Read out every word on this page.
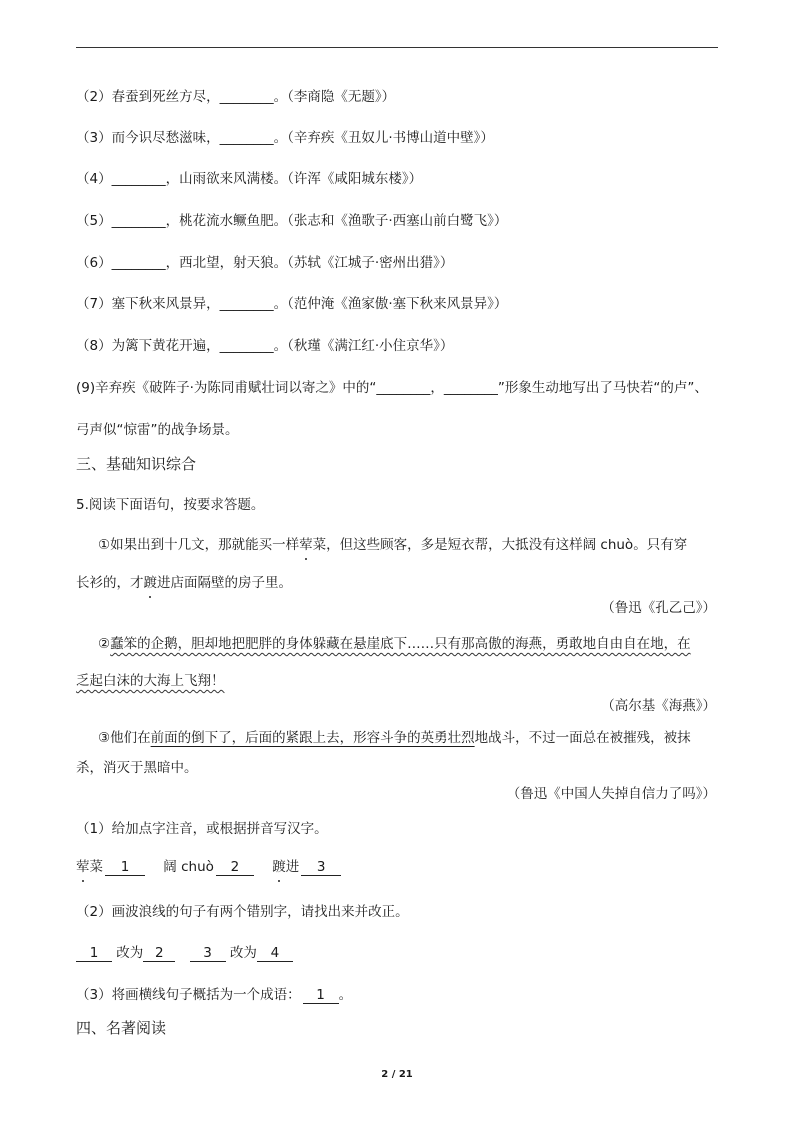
（2）春蚕到死丝方尽，________。（李商隐《无题》）
（3）而今识尽愁滋味，________。（辛弃疾《丑奴儿·书博山道中壁》）
（4）________，山雨欲来风满楼。（许浑《咸阳城东楼》）
（5）________，桃花流水鳜鱼肥。（张志和《渔歌子·西塞山前白鹭飞》）
（6）________，西北望，射天狼。（苏轼《江城子·密州出猎》）
（7）塞下秋来风景异，________。（范仲淹《渔家傲·塞下秋来风景异》）
（8）为篱下黄花开遍，________。（秋瑾《满江红·小住京华》）
(9)辛弃疾《破阵子·为陈同甫赋壮词以寄之》中的“________，________”形象生动地写出了马快若“的卢”、
弓声似“惊雷”的战争场景。
三、基础知识综合
5.阅读下面语句，按要求答题。
①如果出到十几文，那就能买一样荤菜，但这些顾客，多是短衣帮，大抵没有这样阔 chuò。只有穿
长衫的，才踱进店面隔壁的房子里。
（鲁迅《孔乙己》）
②蠢笨的企鹅，胆却地把肥胖的身体躲藏在悬崖底下……只有那高傲的海燕，勇敢地自由自在地，在
乏起白沫的大海上飞翔！
（高尔基《海燕》）
③他们在前面的倒下了，后面的紧跟上去，形容斗争的英勇壮烈地战斗，不过一面总在被摧残，被抹
杀，消灭于黑暗中。
（鲁迅《中国人失掉自信力了吗》）
（1）给加点字注音，或根据拼音写汉字。
荤菜 1	阔 chuò 2 踱进 3
（2）画波浪线的句子有两个错别字，请找出来并改正。
1 改为 2	3 改为 4
（3）将画横线句子概括为一个成语： 1 。
四、名著阅读
2 / 21
